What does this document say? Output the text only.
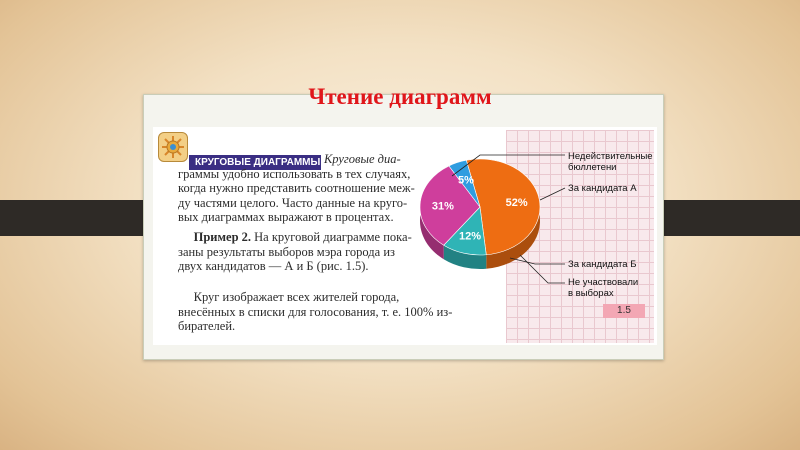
Чтение диаграмм
КРУГОВЫЕ ДИАГРАММЫ Круговые диа-
граммы удобно использовать в тех случаях,
когда нужно представить соотношение меж-
ду частями целого. Часто данные на круго-
вых диаграммах выражают в процентах.
Пример 2. На круговой диаграмме пока-
заны результаты выборов мэра города из
двух кандидатов — А и Б (рис. 1.5).
Круг изображает всех жителей города,
внесённых в списки для голосования, т. е. 100% из-
бирателей.
52%
12%
31%
5%
Недействительные
бюллетени
За кандидата А
За кандидата Б
Не участвовали
в выборах
1.5
